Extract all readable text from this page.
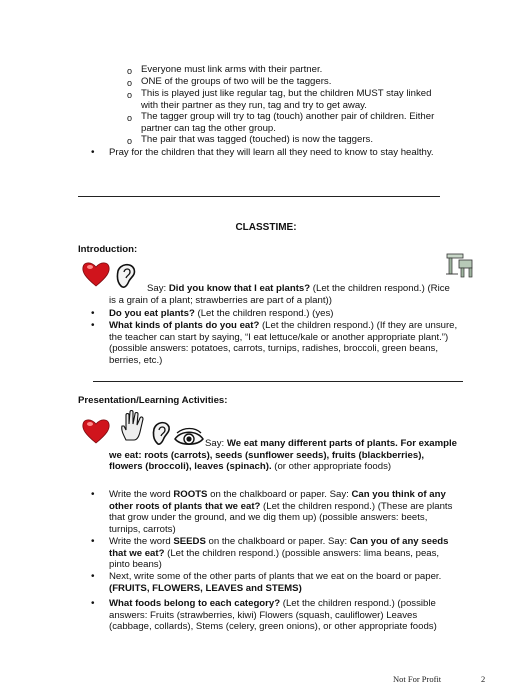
o Everyone must link arms with their partner.
o ONE of the groups of two will be the taggers.
o This is played just like regular tag, but the children MUST stay linked with their partner as they run, tag and try to get away.
o The tagger group will try to tag (touch) another pair of children. Either partner can tag the other group.
o The pair that was tagged (touched) is now the taggers.
• Pray for the children that they will learn all they need to know to stay healthy.
CLASSTIME:
Introduction:
Say: Did you know that I eat plants? (Let the children respond.) (Rice is a grain of a plant; strawberries are part of a plant))
• Do you eat plants? (Let the children respond.) (yes)
• What kinds of plants do you eat? (Let the children respond.) (If they are unsure, the teacher can start by saying, “I eat lettuce/kale or another appropriate plant.”) (possible answers: potatoes, carrots, turnips, radishes, broccoli, green beans, berries, etc.)
Presentation/Learning Activities:
Say: We eat many different parts of plants. For example we eat: roots (carrots), seeds (sunflower seeds), fruits (blackberries), flowers (broccoli), leaves (spinach). (or other appropriate foods)
• Write the word ROOTS on the chalkboard or paper. Say: Can you think of any other roots of plants that we eat? (Let the children respond.) (These are plants that grow under the ground, and we dig them up) (possible answers: beets, turnips, carrots)
• Write the word SEEDS on the chalkboard or paper. Say: Can you of any seeds that we eat? (Let the children respond.) (possible answers: lima beans, peas, pinto beans)
• Next, write some of the other parts of plants that we eat on the board or paper. (FRUITS, FLOWERS, LEAVES and STEMS)
• What foods belong to each category? (Let the children respond.) (possible answers: Fruits (strawberries, kiwi) Flowers (squash, cauliflower) Leaves (cabbage, collards), Stems (celery, green onions), or other appropriate foods)
Not For Profit	2
